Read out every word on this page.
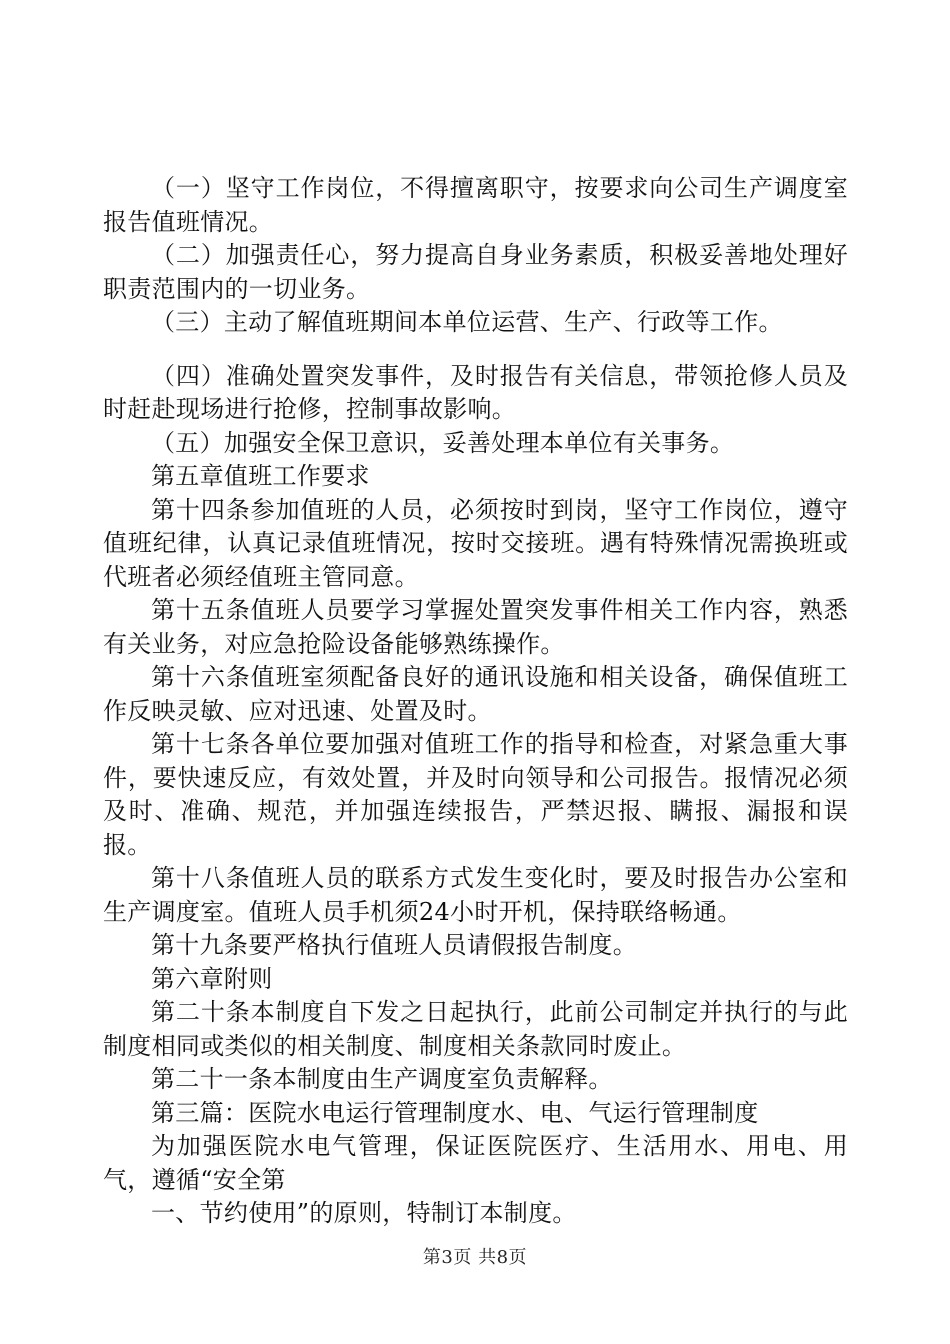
（一）坚守工作岗位，不得擅离职守，按要求向公司生产调度室报告值班情况。

（二）加强责任心，努力提高自身业务素质，积极妥善地处理好职责范围内的一切业务。

（三）主动了解值班期间本单位运营、生产、行政等工作。

（四）准确处置突发事件，及时报告有关信息，带领抢修人员及时赶赴现场进行抢修，控制事故影响。

（五）加强安全保卫意识，妥善处理本单位有关事务。

第五章值班工作要求

第十四条参加值班的人员，必须按时到岗，坚守工作岗位，遵守值班纪律，认真记录值班情况，按时交接班。遇有特殊情况需换班或代班者必须经值班主管同意。

第十五条值班人员要学习掌握处置突发事件相关工作内容，熟悉有关业务，对应急抢险设备能够熟练操作。

第十六条值班室须配备良好的通讯设施和相关设备，确保值班工作反映灵敏、应对迅速、处置及时。

第十七条各单位要加强对值班工作的指导和检查，对紧急重大事件，要快速反应，有效处置，并及时向领导和公司报告。报情况必须及时、准确、规范，并加强连续报告，严禁迟报、瞒报、漏报和误报。

第十八条值班人员的联系方式发生变化时，要及时报告办公室和生产调度室。值班人员手机须24小时开机，保持联络畅通。

第十九条要严格执行值班人员请假报告制度。

第六章附则

第二十条本制度自下发之日起执行，此前公司制定并执行的与此制度相同或类似的相关制度、制度相关条款同时废止。

第二十一条本制度由生产调度室负责解释。

第三篇：医院水电运行管理制度水、电、气运行管理制度

为加强医院水电气管理，保证医院医疗、生活用水、用电、用气，遵循“安全第

一、节约使用”的原则，特制订本制度。

第3页 共8页
